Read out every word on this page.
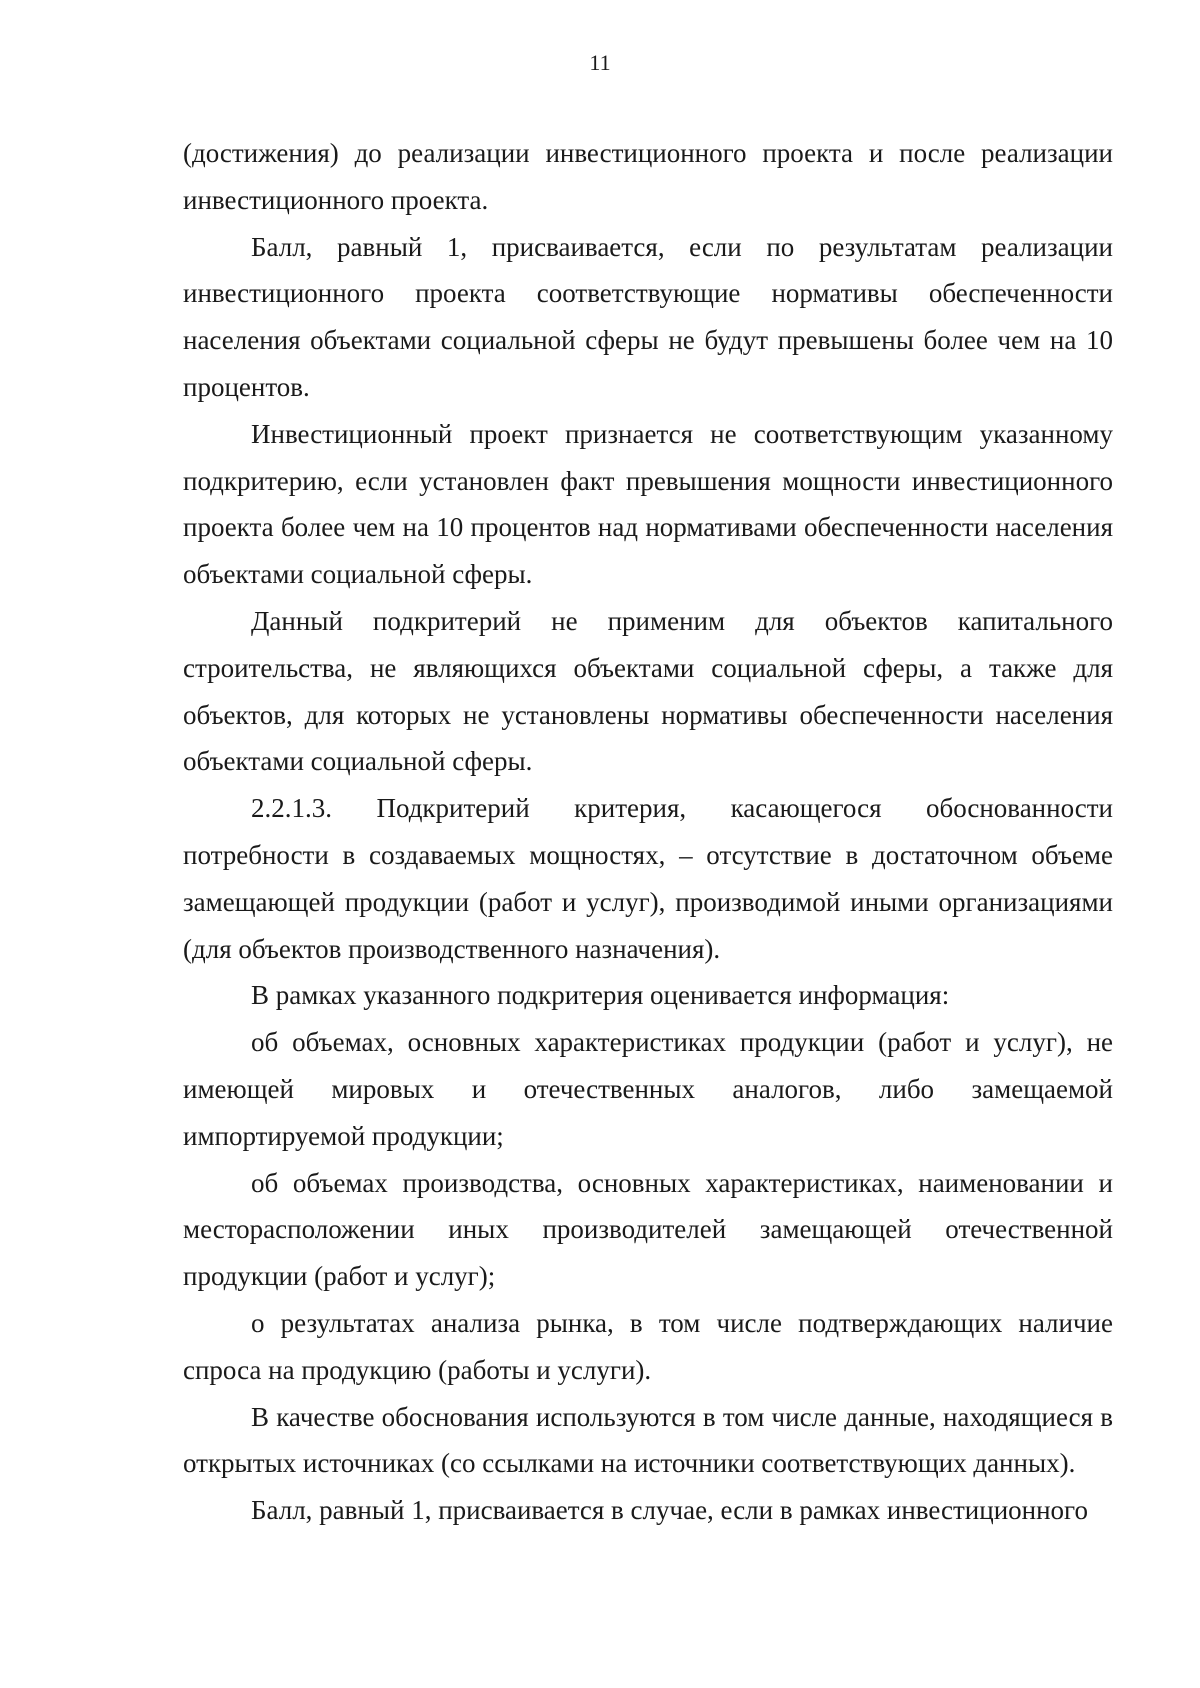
11

(достижения) до реализации инвестиционного проекта и после реализации инвестиционного проекта.

Балл, равный 1, присваивается, если по результатам реализации инвестиционного проекта соответствующие нормативы обеспеченности населения объектами социальной сферы не будут превышены более чем на 10 процентов.

Инвестиционный проект признается не соответствующим указанному подкритерию, если установлен факт превышения мощности инвестиционного проекта более чем на 10 процентов над нормативами обеспеченности населения объектами социальной сферы.

Данный подкритерий не применим для объектов капитального строительства, не являющихся объектами социальной сферы, а также для объектов, для которых не установлены нормативы обеспеченности населения объектами социальной сферы.

2.2.1.3. Подкритерий критерия, касающегося обоснованности потребности в создаваемых мощностях, – отсутствие в достаточном объеме замещающей продукции (работ и услуг), производимой иными организациями (для объектов производственного назначения).

В рамках указанного подкритерия оценивается информация:

об объемах, основных характеристиках продукции (работ и услуг), не имеющей мировых и отечественных аналогов, либо замещаемой импортируемой продукции;

об объемах производства, основных характеристиках, наименовании и месторасположении иных производителей замещающей отечественной продукции (работ и услуг);

о результатах анализа рынка, в том числе подтверждающих наличие спроса на продукцию (работы и услуги).

В качестве обоснования используются в том числе данные, находящиеся в открытых источниках (со ссылками на источники соответствующих данных).

Балл, равный 1, присваивается в случае, если в рамках инвестиционного
